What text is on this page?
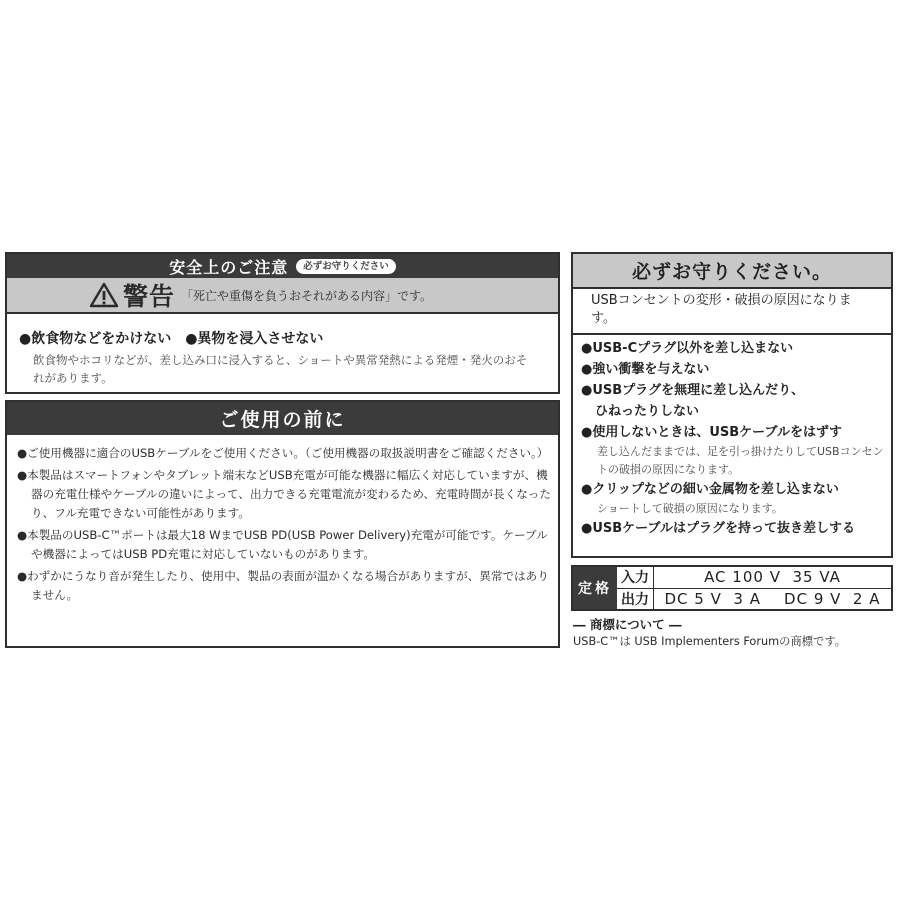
安全上のご注意	必ずお守りください
警告 「死亡や重傷を負うおそれがある内容」です。
●飲食物などをかけない　●異物を浸入させない
飲食物やホコリなどが、差し込み口に浸入すると、ショートや異常発熱による発煙・発火のおそれがあります。
ご使用の前に
●ご使用機器に適合のUSBケーブルをご使用ください。（ご使用機器の取扱説明書をご確認ください。）
●本製品はスマートフォンやタブレット端末などUSB充電が可能な機器に幅広く対応していますが、機器の充電仕様やケーブルの違いによって、出力できる充電電流が変わるため、充電時間が長くなったり、フル充電できない可能性があります。
●本製品のUSB-C™ポートは最大18 WまでUSB PD(USB Power Delivery)充電が可能です。ケーブルや機器によってはUSB PD充電に対応していないものがあります。
●わずかにうなり音が発生したり、使用中、製品の表面が温かくなる場合がありますが、異常ではありません。
必ずお守りください。
USBコンセントの変形・破損の原因になります。
●USB-Cプラグ以外を差し込まない
●強い衝撃を与えない
●USBプラグを無理に差し込んだり、
ひねったりしない
●使用しないときは、USBケーブルをはずす
差し込んだままでは、足を引っ掛けたりしてUSBコンセントの破損の原因になります。
●クリップなどの細い金属物を差し込まない
ショートして破損の原因になります。
●USBケーブルはプラグを持って抜き差しする
定格
入力	AC 100 V  35 VA
出力	DC 5 V  3 A    DC 9 V  2 A
― 商標について ―
USB-C™は USB Implementers Forumの商標です。
